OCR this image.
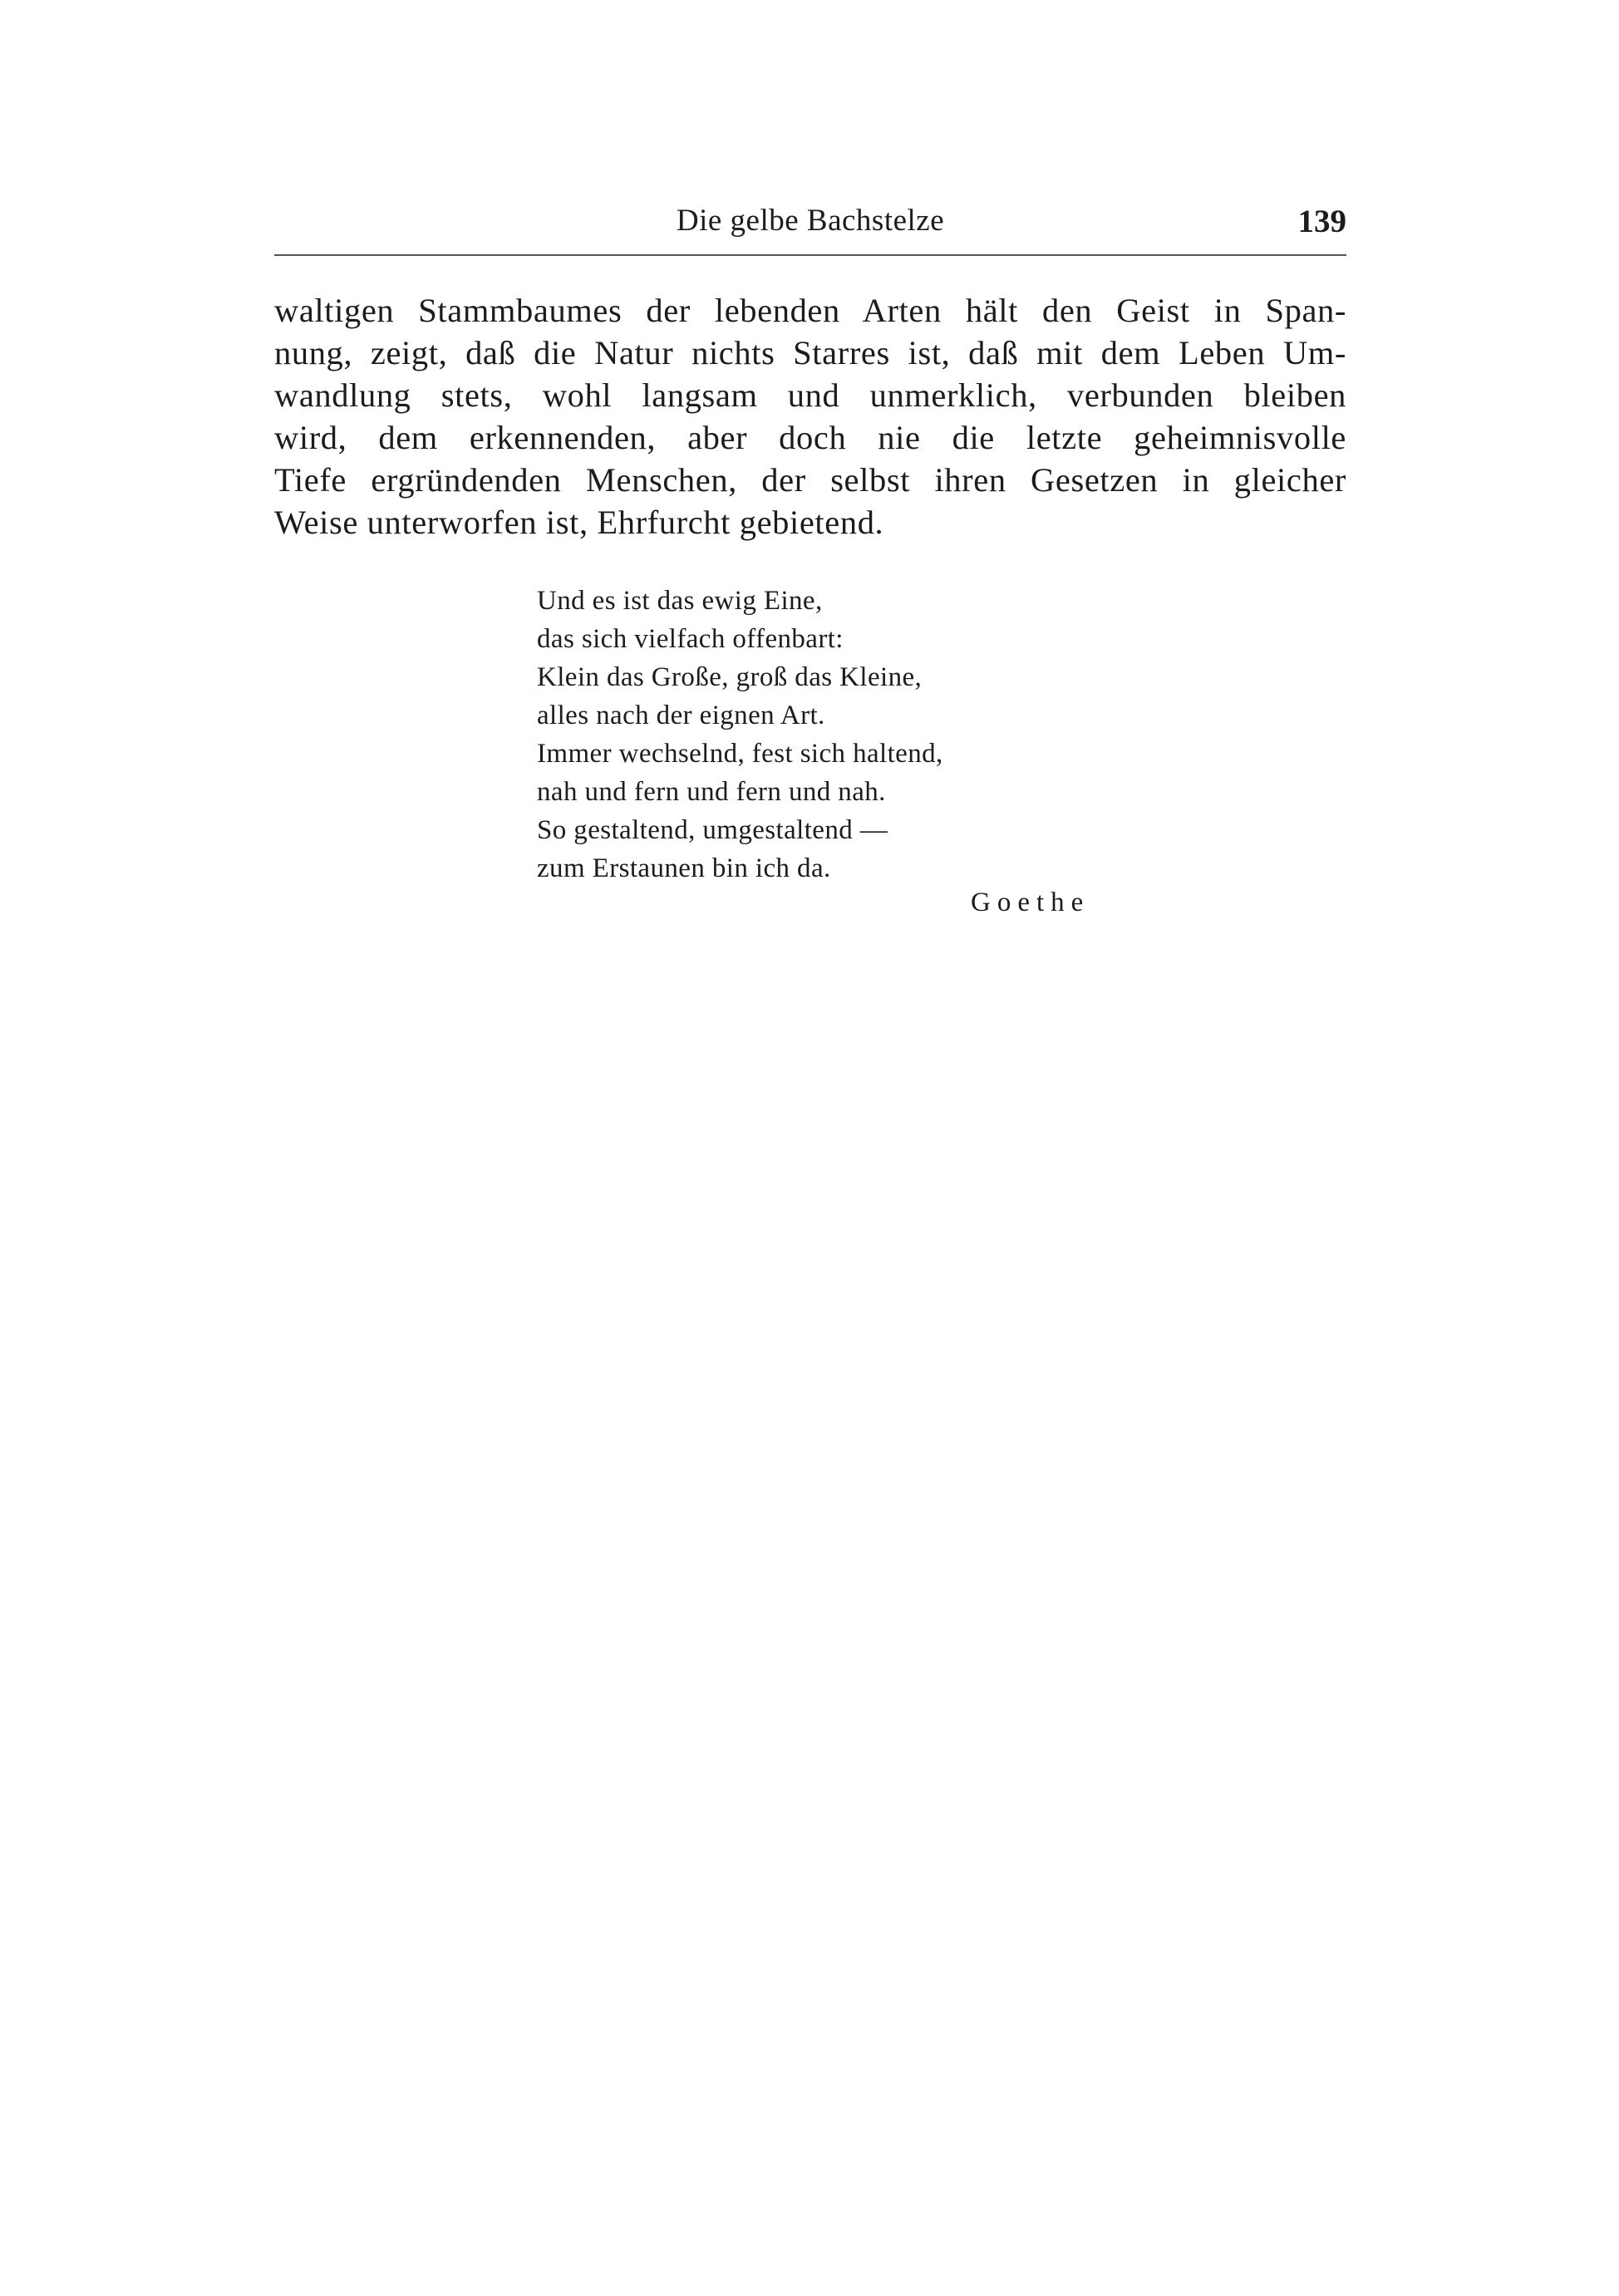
Die gelbe Bachstelze	139
waltigen Stammbaumes der lebenden Arten hält den Geist in Span-
nung, zeigt, daß die Natur nichts Starres ist, daß mit dem Leben Um-
wandlung stets, wohl langsam und unmerklich, verbunden bleiben
wird, dem erkennenden, aber doch nie die letzte geheimnisvolle
Tiefe ergründenden Menschen, der selbst ihren Gesetzen in gleicher
Weise unterworfen ist, Ehrfurcht gebietend.
Und es ist das ewig Eine,
das sich vielfach offenbart:
Klein das Große, groß das Kleine,
alles nach der eignen Art.
Immer wechselnd, fest sich haltend,
nah und fern und fern und nah.
So gestaltend, umgestaltend —
zum Erstaunen bin ich da.
Goethe
